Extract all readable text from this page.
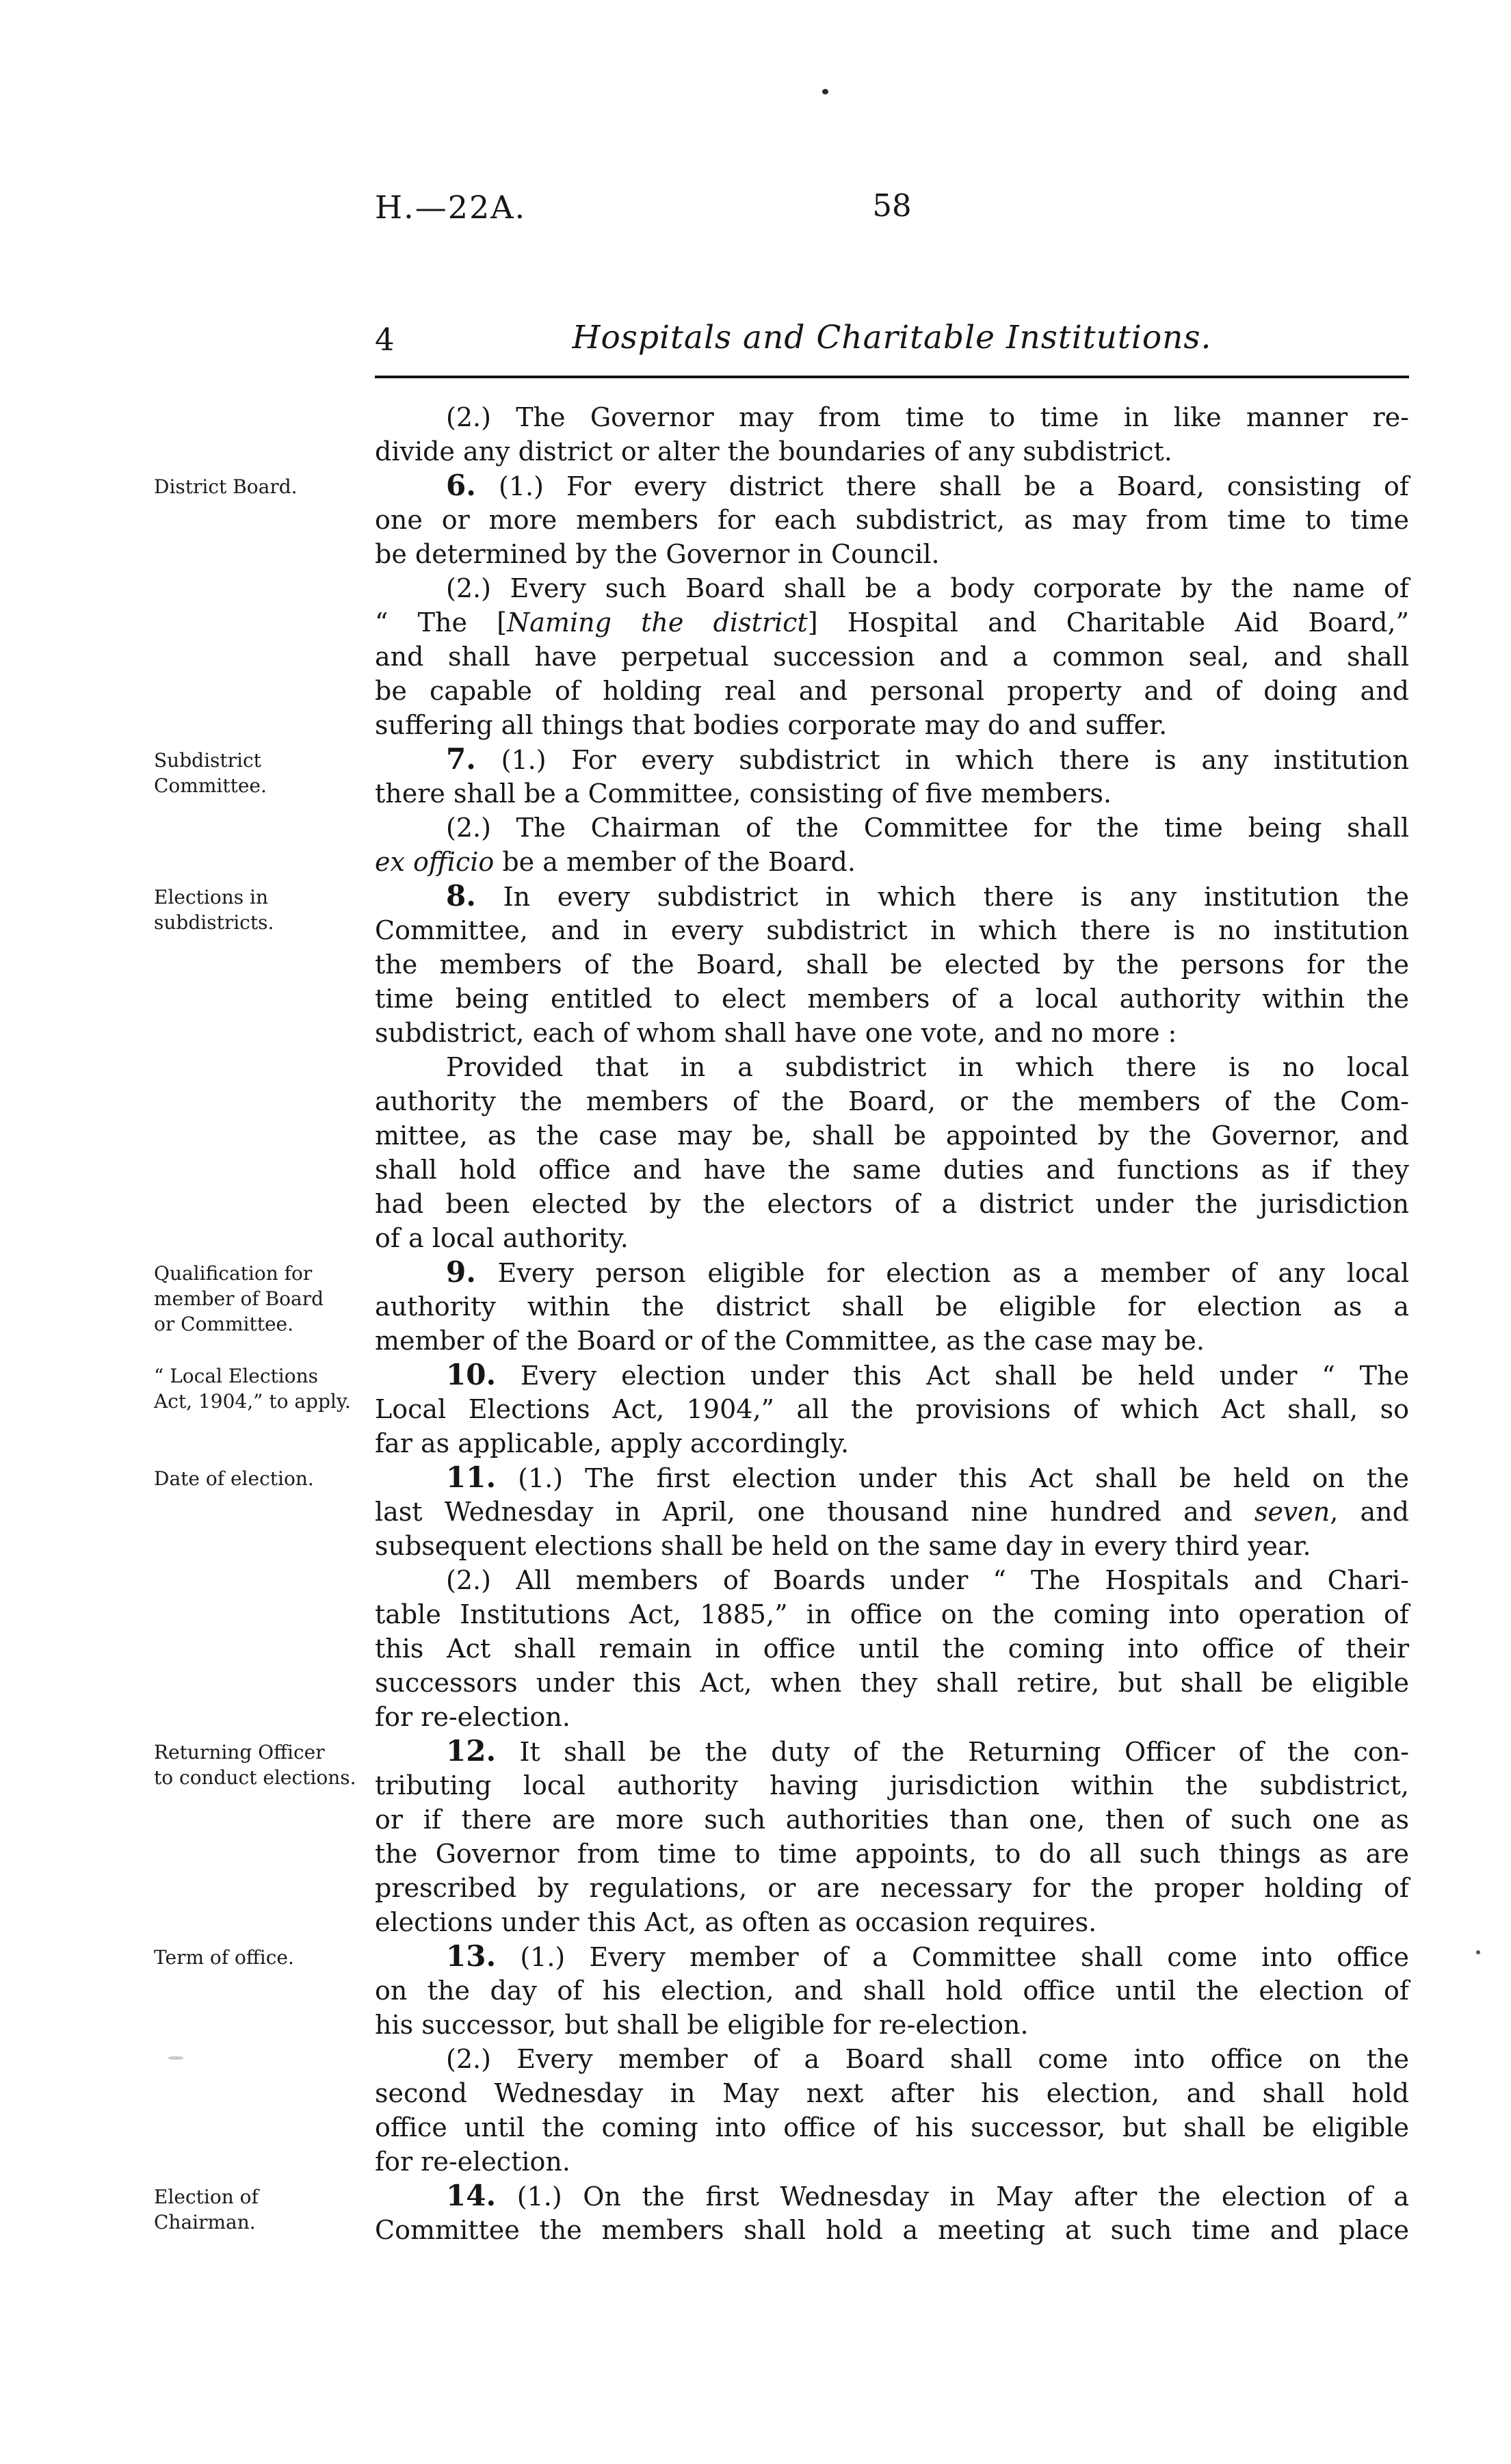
H.—22A.	58
4	Hospitals and Charitable Institutions.
District Board.
Subdistrict
Committee.
Elections in
subdistricts.
Qualification for
member of Board
or Committee.
“ Local Elections
Act, 1904,” to apply.
Date of election.
Returning Officer
to conduct elections.
Term of office.
Election of
Chairman.
(2.) The Governor may from time to time in like manner re-
divide any district or alter the boundaries of any subdistrict.
6. (1.) For every district there shall be a Board, consisting of
one or more members for each subdistrict, as may from time to time
be determined by the Governor in Council.
(2.) Every such Board shall be a body corporate by the name of
“ The [Naming the district] Hospital and Charitable Aid Board,”
and shall have perpetual succession and a common seal, and shall
be capable of holding real and personal property and of doing and
suffering all things that bodies corporate may do and suffer.
7. (1.) For every subdistrict in which there is any institution
there shall be a Committee, consisting of five members.
(2.) The Chairman of the Committee for the time being shall
ex officio be a member of the Board.
8. In every subdistrict in which there is any institution the
Committee, and in every subdistrict in which there is no institution
the members of the Board, shall be elected by the persons for the
time being entitled to elect members of a local authority within the
subdistrict, each of whom shall have one vote, and no more :
Provided that in a subdistrict in which there is no local
authority the members of the Board, or the members of the Com-
mittee, as the case may be, shall be appointed by the Governor, and
shall hold office and have the same duties and functions as if they
had been elected by the electors of a district under the jurisdiction
of a local authority.
9. Every person eligible for election as a member of any local
authority within the district shall be eligible for election as a
member of the Board or of the Committee, as the case may be.
10. Every election under this Act shall be held under “ The
Local Elections Act, 1904,” all the provisions of which Act shall, so
far as applicable, apply accordingly.
11. (1.) The first election under this Act shall be held on the
last Wednesday in April, one thousand nine hundred and seven, and
subsequent elections shall be held on the same day in every third year.
(2.) All members of Boards under “ The Hospitals and Chari-
table Institutions Act, 1885,” in office on the coming into operation of
this Act shall remain in office until the coming into office of their
successors under this Act, when they shall retire, but shall be eligible
for re-election.
12. It shall be the duty of the Returning Officer of the con-
tributing local authority having jurisdiction within the subdistrict,
or if there are more such authorities than one, then of such one as
the Governor from time to time appoints, to do all such things as are
prescribed by regulations, or are necessary for the proper holding of
elections under this Act, as often as occasion requires.
13. (1.) Every member of a Committee shall come into office
on the day of his election, and shall hold office until the election of
his successor, but shall be eligible for re-election.
(2.) Every member of a Board shall come into office on the
second Wednesday in May next after his election, and shall hold
office until the coming into office of his successor, but shall be eligible
for re-election.
14. (1.) On the first Wednesday in May after the election of a
Committee the members shall hold a meeting at such time and place
